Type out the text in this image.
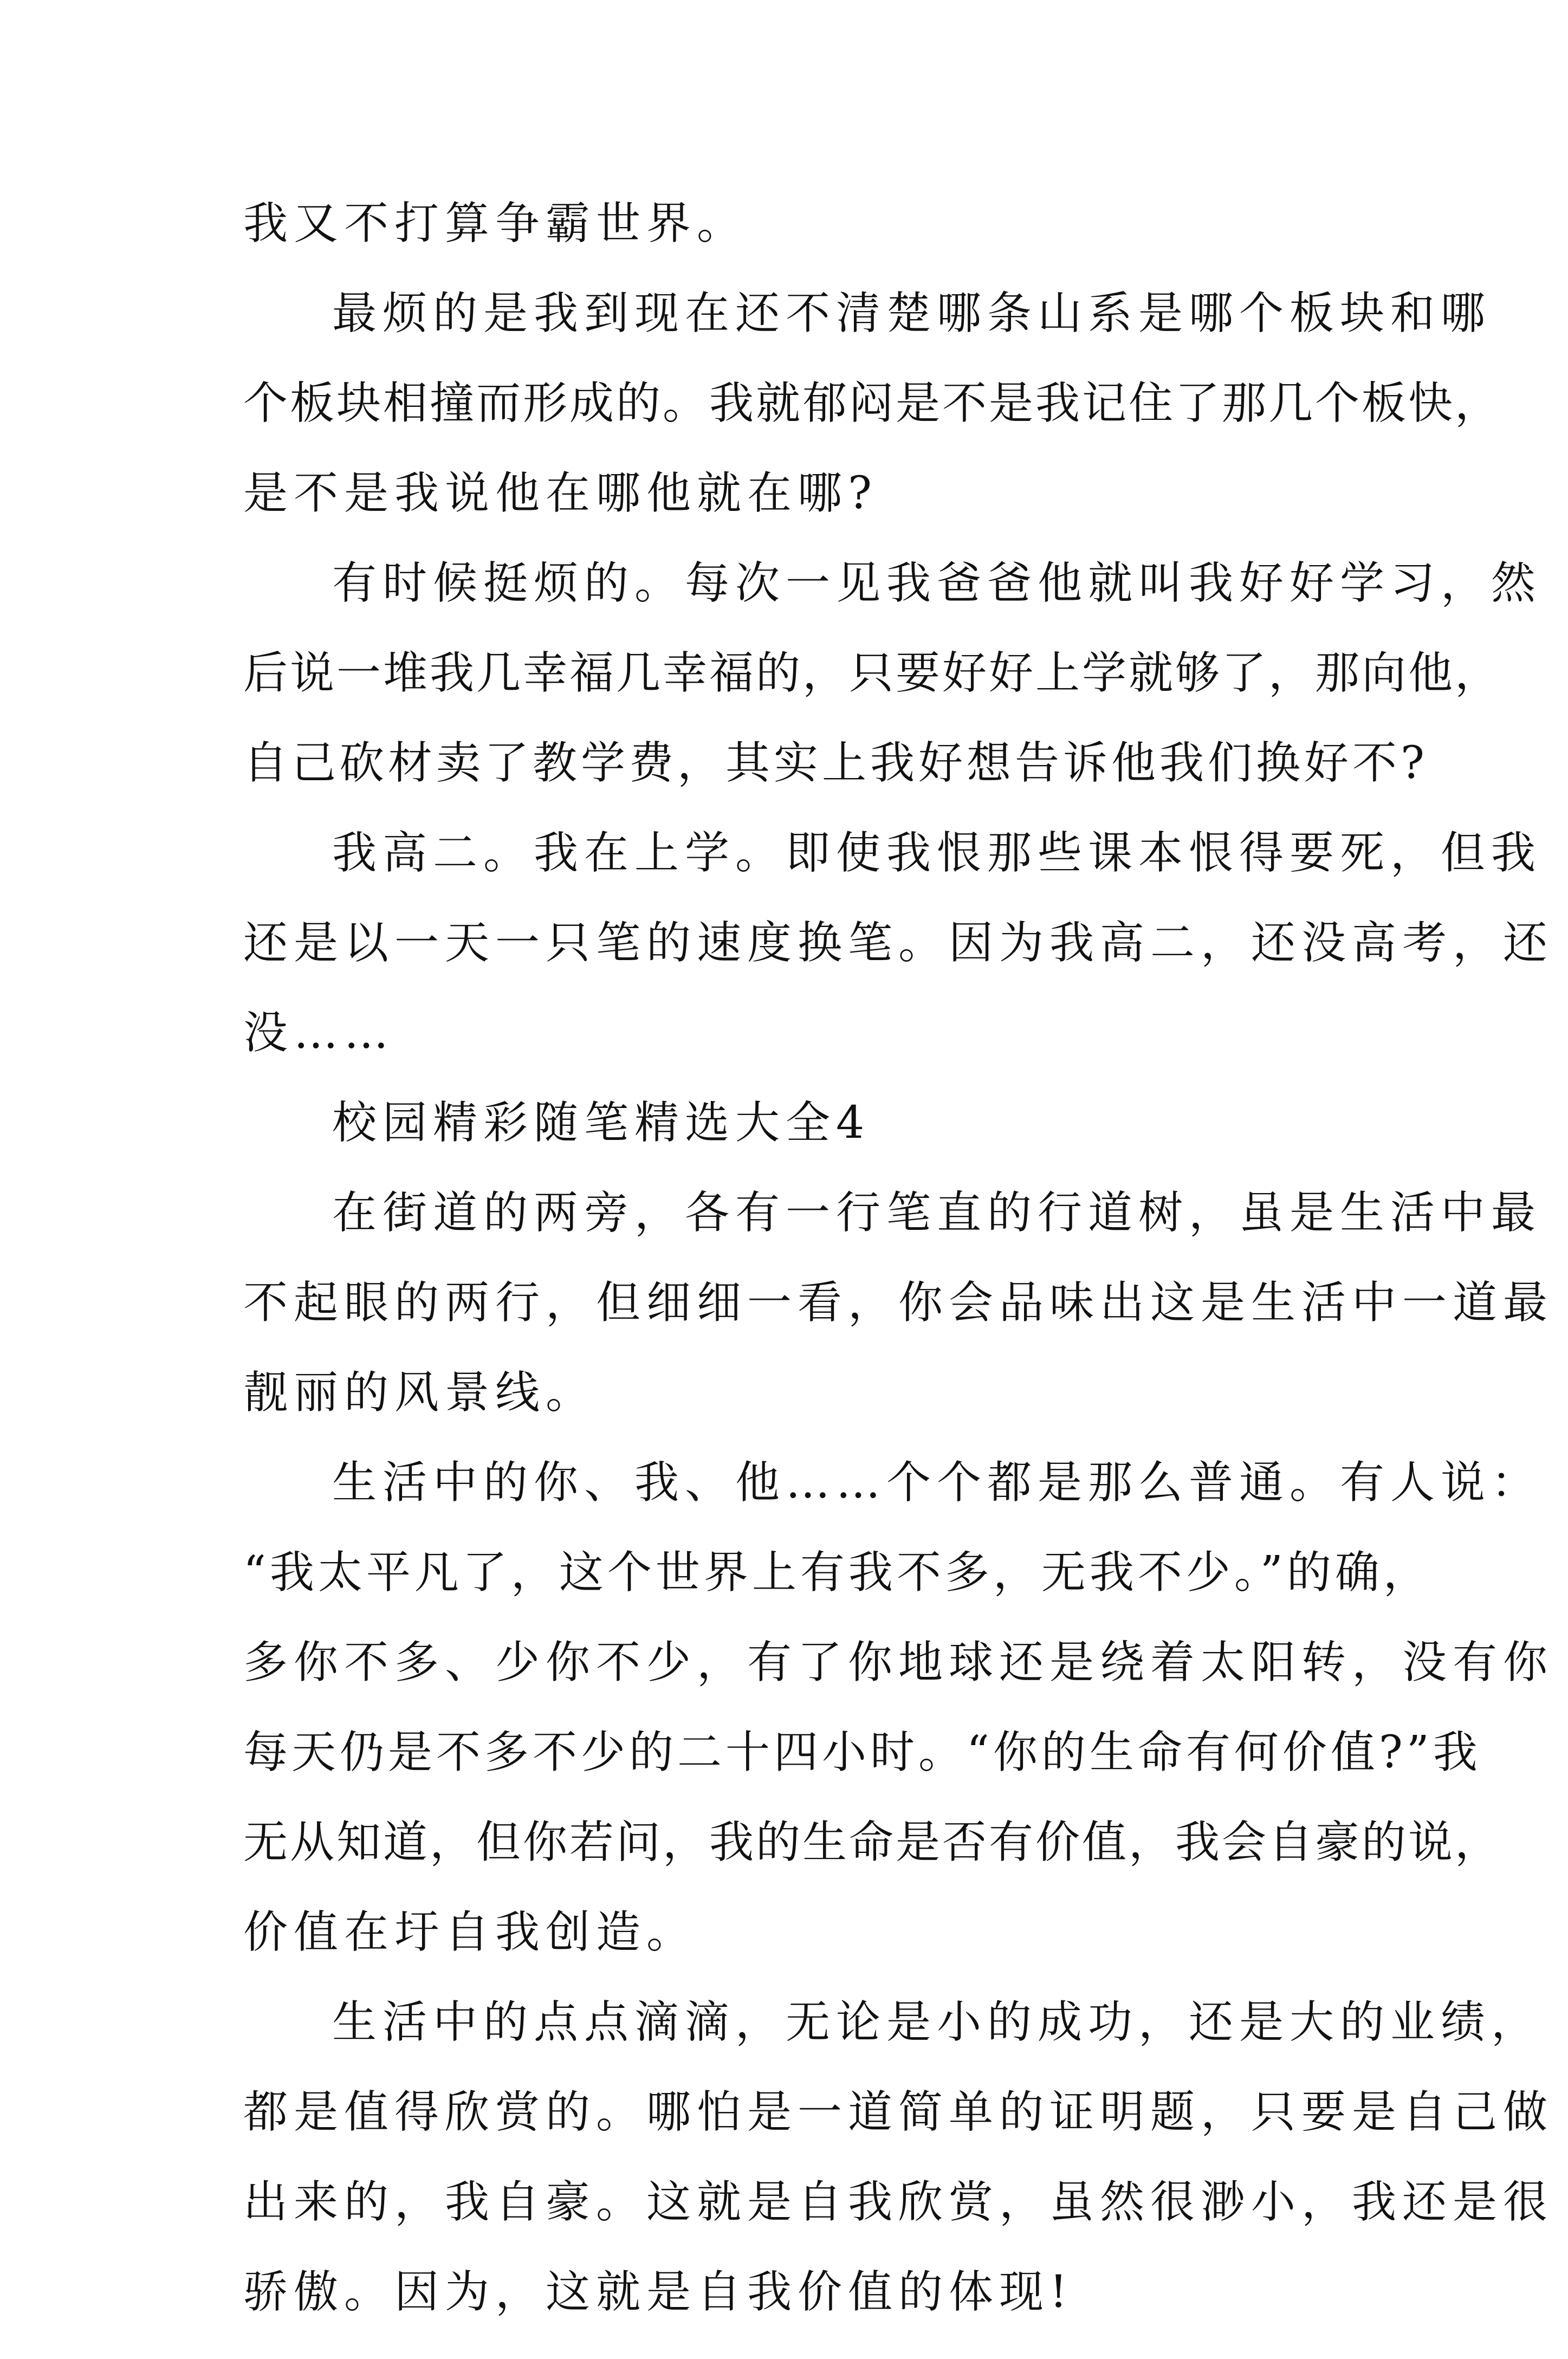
我又不打算争霸世界。
最烦的是我到现在还不清楚哪条山系是哪个板块和哪
个板块相撞而形成的。我就郁闷是不是我记住了那几个板快，
是不是我说他在哪他就在哪?
有时候挺烦的。每次一见我爸爸他就叫我好好学习，然
后说一堆我几幸福几幸福的，只要好好上学就够了，那向他，
自己砍材卖了教学费，其实上我好想告诉他我们换好不?
我高二。我在上学。即使我恨那些课本恨得要死，但我
还是以一天一只笔的速度换笔。因为我高二，还没高考，还
没……
校园精彩随笔精选大全4
在街道的两旁，各有一行笔直的行道树，虽是生活中最
不起眼的两行，但细细一看，你会品味出这是生活中一道最
靓丽的风景线。
生活中的你、我、他……个个都是那么普通。有人说：
“我太平凡了，这个世界上有我不多，无我不少。”的确，
多你不多、少你不少，有了你地球还是绕着太阳转，没有你
每天仍是不多不少的二十四小时。“你的生命有何价值?”我
无从知道，但你若问，我的生命是否有价值，我会自豪的说，
价值在圩自我创造。
生活中的点点滴滴，无论是小的成功，还是大的业绩，
都是值得欣赏的。哪怕是一道简单的证明题，只要是自己做
出来的，我自豪。这就是自我欣赏，虽然很渺小，我还是很
骄傲。因为，这就是自我价值的体现!
